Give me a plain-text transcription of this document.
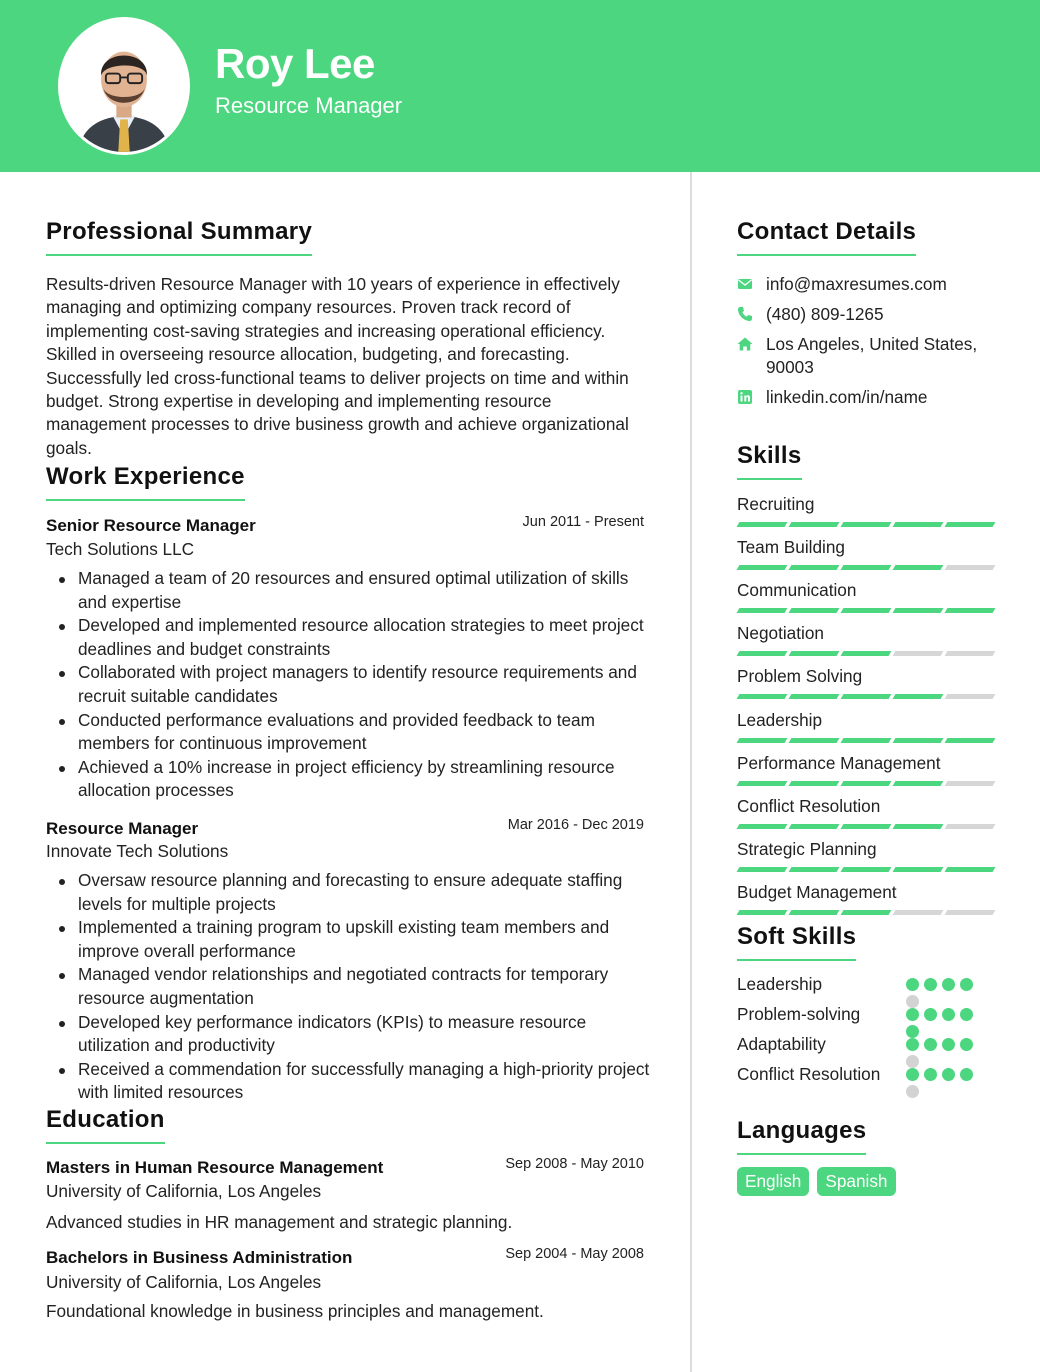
Roy Lee
Resource Manager
Professional Summary
Results-driven Resource Manager with 10 years of experience in effectively managing and optimizing company resources. Proven track record of implementing cost-saving strategies and increasing operational efficiency. Skilled in overseeing resource allocation, budgeting, and forecasting. Successfully led cross-functional teams to deliver projects on time and within budget. Strong expertise in developing and implementing resource management processes to drive business growth and achieve organizational goals.
Work Experience
Senior Resource Manager	Jun 2011 - Present
Tech Solutions LLC
Managed a team of 20 resources and ensured optimal utilization of skills and expertise
Developed and implemented resource allocation strategies to meet project deadlines and budget constraints
Collaborated with project managers to identify resource requirements and recruit suitable candidates
Conducted performance evaluations and provided feedback to team members for continuous improvement
Achieved a 10% increase in project efficiency by streamlining resource allocation processes
Resource Manager	Mar 2016 - Dec 2019
Innovate Tech Solutions
Oversaw resource planning and forecasting to ensure adequate staffing levels for multiple projects
Implemented a training program to upskill existing team members and improve overall performance
Managed vendor relationships and negotiated contracts for temporary resource augmentation
Developed key performance indicators (KPIs) to measure resource utilization and productivity
Received a commendation for successfully managing a high-priority project with limited resources
Education
Masters in Human Resource Management	Sep 2008 - May 2010
University of California, Los Angeles
Advanced studies in HR management and strategic planning.
Bachelors in Business Administration	Sep 2004 - May 2008
University of California, Los Angeles
Foundational knowledge in business principles and management.
Contact Details
info@maxresumes.com
(480) 809-1265
Los Angeles, United States, 90003
linkedin.com/in/name
Skills
Recruiting
Team Building
Communication
Negotiation
Problem Solving
Leadership
Performance Management
Conflict Resolution
Strategic Planning
Budget Management
Soft Skills
Leadership
Problem-solving
Adaptability
Conflict Resolution
Languages
English	Spanish
